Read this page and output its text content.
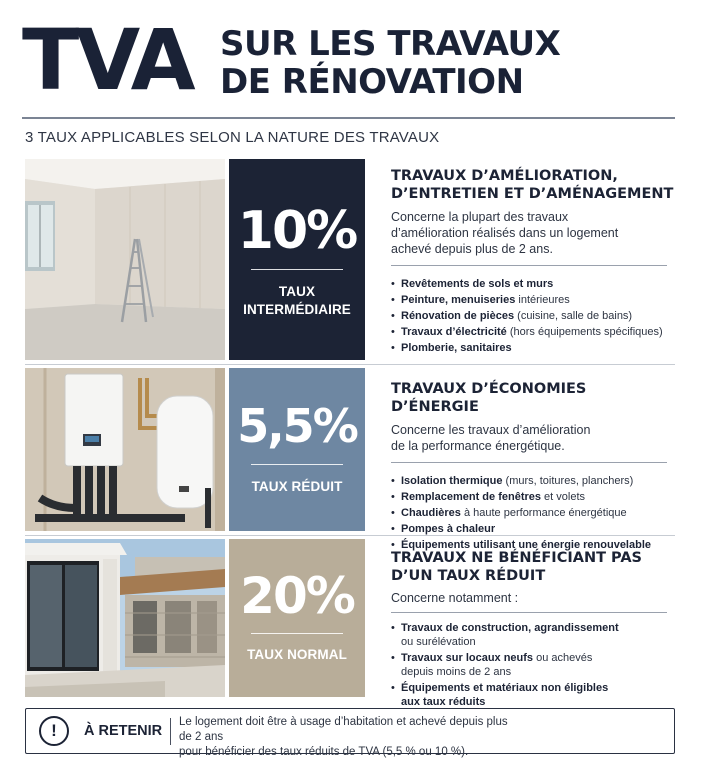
TVA SUR LES TRAVAUX
DE RÉNOVATION
3 TAUX APPLICABLES SELON LA NATURE DES TRAVAUX
10%
TAUX
INTERMÉDIAIRE
TRAVAUX D’AMÉLIORATION,
D’ENTRETIEN ET D’AMÉNAGEMENT
Concerne la plupart des travaux
d’amélioration réalisés dans un logement
achevé depuis plus de 2 ans.
• Revêtements de sols et murs
• Peinture, menuiseries intérieures
• Rénovation de pièces (cuisine, salle de bains)
• Travaux d’électricité (hors équipements spécifiques)
• Plomberie, sanitaires
5,5%
TAUX RÉDUIT
TRAVAUX D’ÉCONOMIES D’ÉNERGIE
Concerne les travaux d’amélioration
de la performance énergétique.
• Isolation thermique (murs, toitures, planchers)
• Remplacement de fenêtres et volets
• Chaudières à haute performance énergétique
• Pompes à chaleur
• Équipements utilisant une énergie renouvelable
20%
TAUX NORMAL
TRAVAUX NE BÉNÉFICIANT PAS
D’UN TAUX RÉDUIT
Concerne notamment :
• Travaux de construction, agrandissement
ou surélévation
• Travaux sur locaux neufs ou achevés
depuis moins de 2 ans
• Équipements et matériaux non éligibles
aux taux réduits
!	À RETENIR
Le logement doit être à usage d’habitation et achevé depuis plus de 2 ans
pour bénéficier des taux réduits de TVA (5,5 % ou 10 %).
